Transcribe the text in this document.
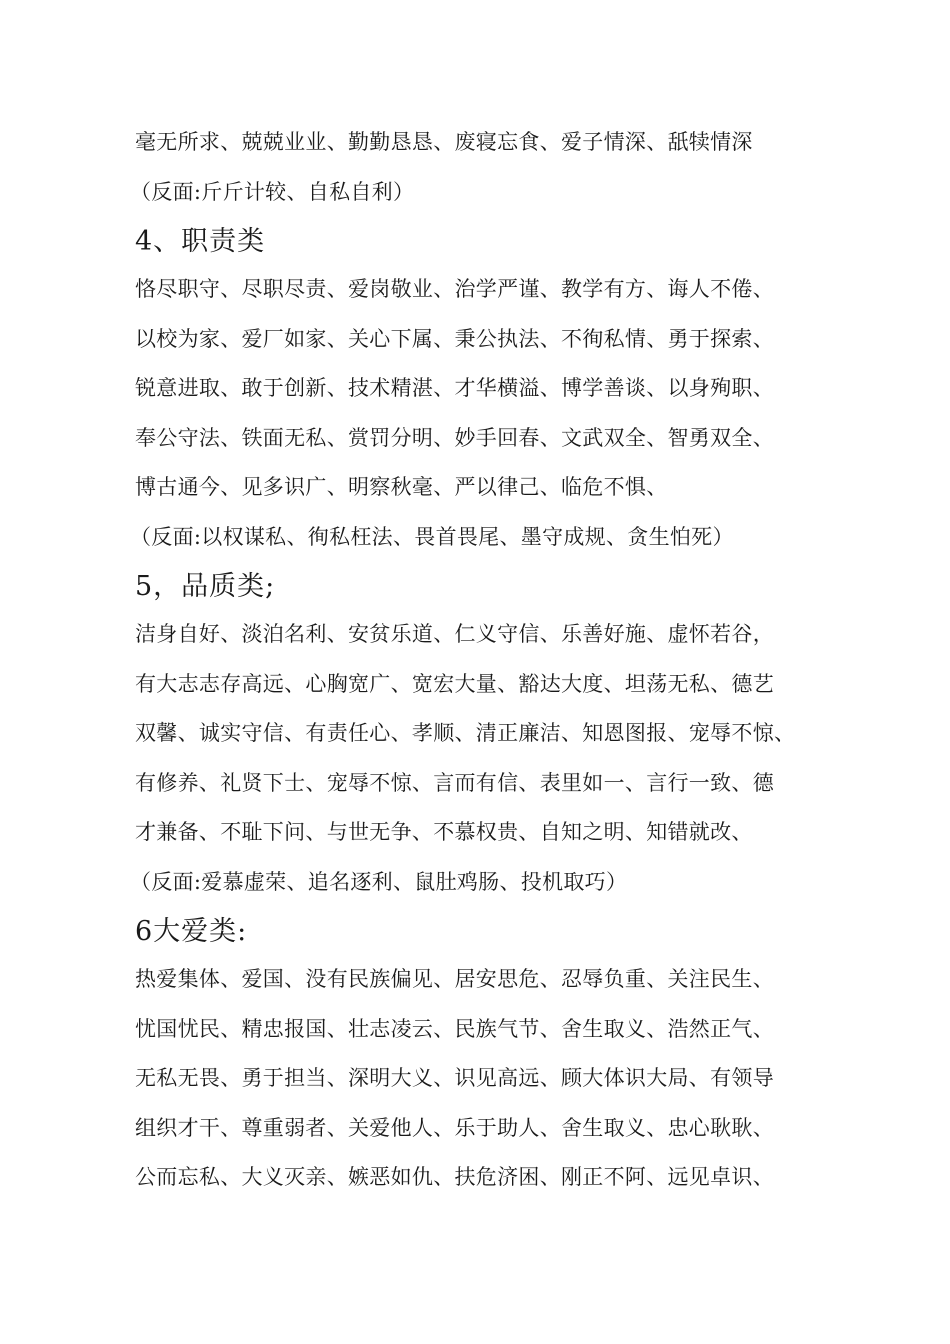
毫无所求、兢兢业业、勤勤恳恳、废寝忘食、爱子情深、舐犊情深
（反面:斤斤计较、自私自利）
4、职责类
恪尽职守、尽职尽责、爱岗敬业、治学严谨、教学有方、诲人不倦、
以校为家、爱厂如家、关心下属、秉公执法、不徇私情、勇于探索、
锐意进取、敢于创新、技术精湛、才华横溢、博学善谈、以身殉职、
奉公守法、铁面无私、赏罚分明、妙手回春、文武双全、智勇双全、
博古通今、见多识广、明察秋毫、严以律己、临危不惧、
（反面:以权谋私、徇私枉法、畏首畏尾、墨守成规、贪生怕死）
5，品质类;
洁身自好、淡泊名利、安贫乐道、仁义守信、乐善好施、虚怀若谷，
有大志志存高远、心胸宽广、宽宏大量、豁达大度、坦荡无私、德艺
双馨、诚实守信、有责任心、孝顺、清正廉洁、知恩图报、宠辱不惊、
有修养、礼贤下士、宠辱不惊、言而有信、表里如一、言行一致、德
才兼备、不耻下问、与世无争、不慕权贵、自知之明、知错就改、
（反面:爱慕虚荣、追名逐利、鼠肚鸡肠、投机取巧）
6大爱类:
热爱集体、爱国、没有民族偏见、居安思危、忍辱负重、关注民生、
忧国忧民、精忠报国、壮志凌云、民族气节、舍生取义、浩然正气、
无私无畏、勇于担当、深明大义、识见高远、顾大体识大局、有领导
组织才干、尊重弱者、关爱他人、乐于助人、舍生取义、忠心耿耿、
公而忘私、大义灭亲、嫉恶如仇、扶危济困、刚正不阿、远见卓识、
